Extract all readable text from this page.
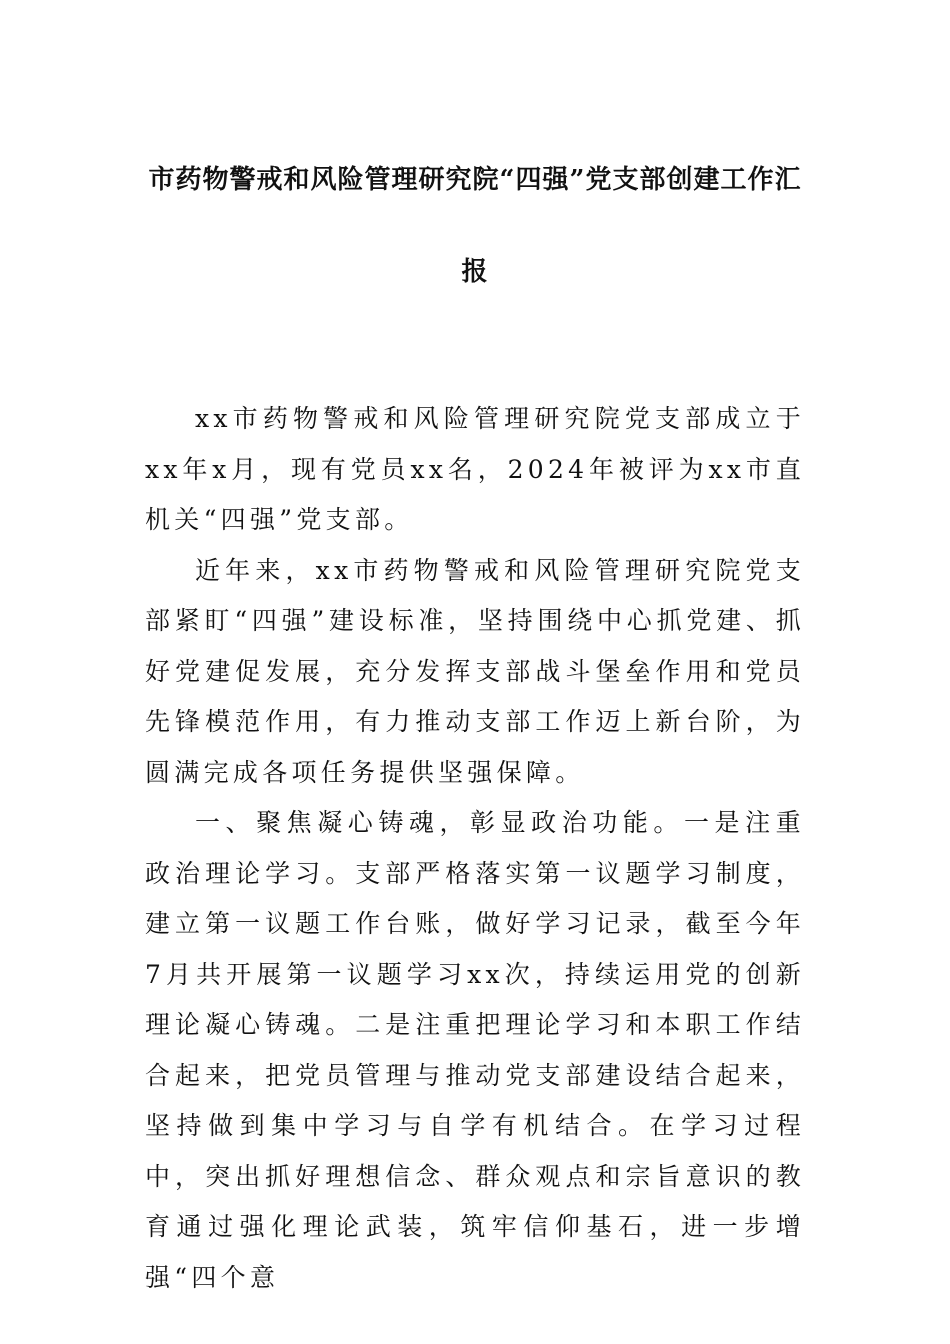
市药物警戒和风险管理研究院“四强”党支部创建工作汇
报

xx市药物警戒和风险管理研究院党支部成立于xx年x月，现有党员xx名，2024年被评为xx市直机关“四强”党支部。

近年来，xx市药物警戒和风险管理研究院党支部紧盯“四强”建设标准，坚持围绕中心抓党建、抓好党建促发展，充分发挥支部战斗堡垒作用和党员先锋模范作用，有力推动支部工作迈上新台阶，为圆满完成各项任务提供坚强保障。

一、聚焦凝心铸魂，彰显政治功能。一是注重政治理论学习。支部严格落实第一议题学习制度，建立第一议题工作台账，做好学习记录，截至今年7月共开展第一议题学习xx次，持续运用党的创新理论凝心铸魂。二是注重把理论学习和本职工作结合起来，把党员管理与推动党支部建设结合起来，坚持做到集中学习与自学有机结合。在学习过程中，突出抓好理想信念、群众观点和宗旨意识的教育通过强化理论武装，筑牢信仰基石，进一步增强“四个意
